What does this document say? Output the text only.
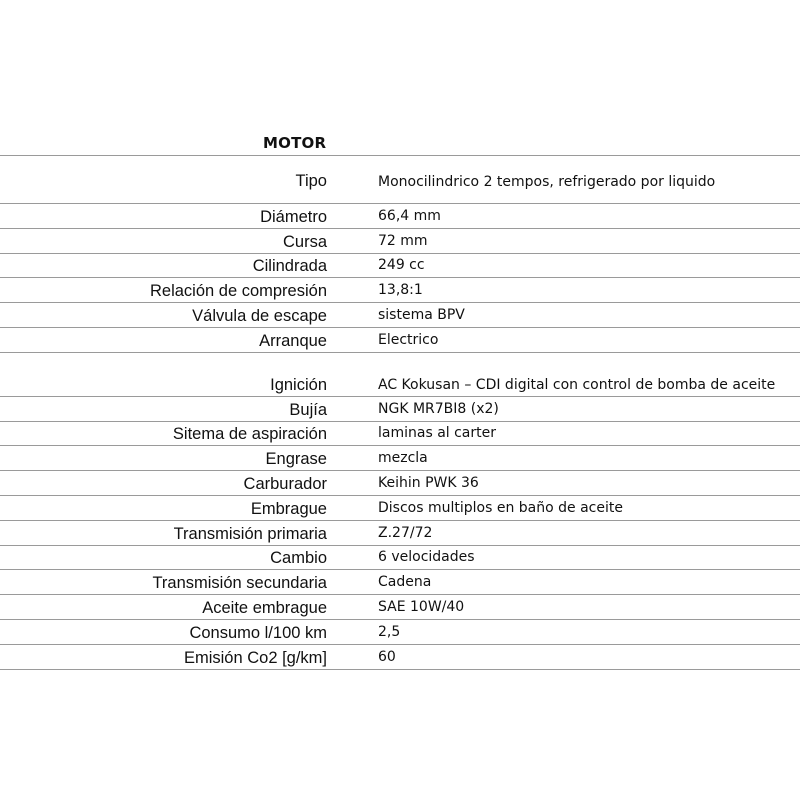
MOTOR
Tipo	Monocilindrico 2 tempos, refrigerado por liquido
Diámetro	66,4 mm
Cursa	72 mm
Cilindrada	249 cc
Relación de compresión	13,8:1
Válvula de escape	sistema BPV
Arranque	Electrico
Ignición	AC Kokusan – CDI digital con control de bomba de aceite
Bujía	NGK MR7BI8 (x2)
Sitema de aspiración	laminas al carter
Engrase	mezcla
Carburador	Keihin PWK 36
Embrague	Discos multiplos en baño de aceite
Transmisión primaria	Z.27/72
Cambio	6 velocidades
Transmisión secundaria	Cadena
Aceite embrague	SAE 10W/40
Consumo l/100 km	2,5
Emisión Co2 [g/km]	60
